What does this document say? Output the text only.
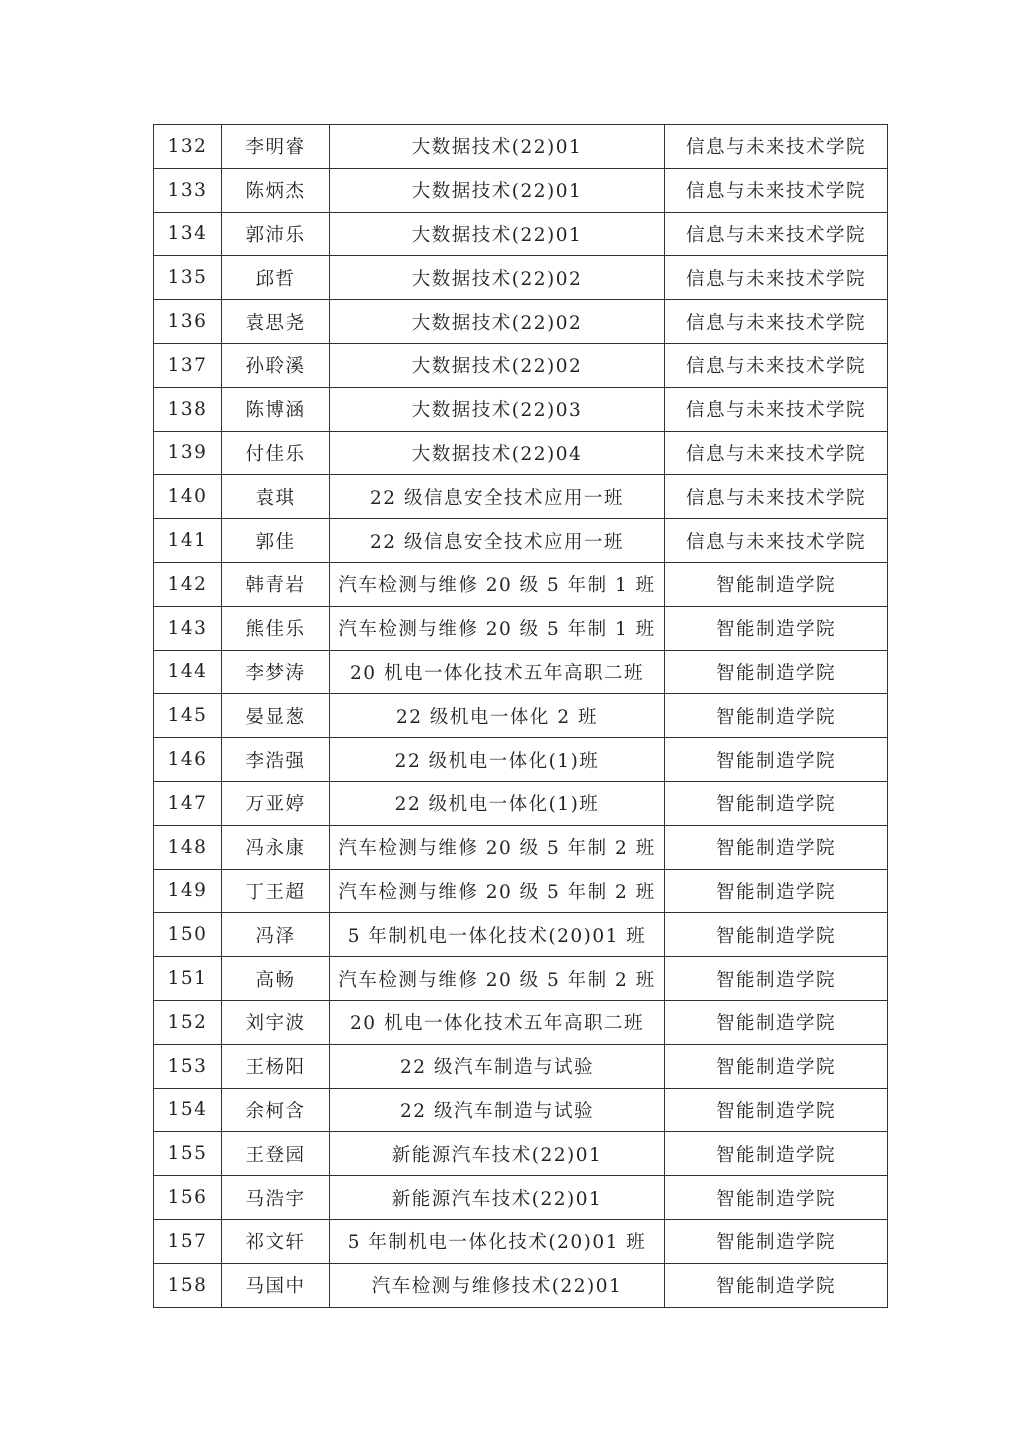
132	李明睿	大数据技术(22)01	信息与未来技术学院
133	陈炳杰	大数据技术(22)01	信息与未来技术学院
134	郭沛乐	大数据技术(22)01	信息与未来技术学院
135	邱哲	大数据技术(22)02	信息与未来技术学院
136	袁思尧	大数据技术(22)02	信息与未来技术学院
137	孙聆溪	大数据技术(22)02	信息与未来技术学院
138	陈博涵	大数据技术(22)03	信息与未来技术学院
139	付佳乐	大数据技术(22)04	信息与未来技术学院
140	袁琪	22 级信息安全技术应用一班	信息与未来技术学院
141	郭佳	22 级信息安全技术应用一班	信息与未来技术学院
142	韩青岩	汽车检测与维修 20 级 5 年制 1 班	智能制造学院
143	熊佳乐	汽车检测与维修 20 级 5 年制 1 班	智能制造学院
144	李梦涛	20 机电一体化技术五年高职二班	智能制造学院
145	晏显葱	22 级机电一体化 2 班	智能制造学院
146	李浩强	22 级机电一体化(1)班	智能制造学院
147	万亚婷	22 级机电一体化(1)班	智能制造学院
148	冯永康	汽车检测与维修 20 级 5 年制 2 班	智能制造学院
149	丁王超	汽车检测与维修 20 级 5 年制 2 班	智能制造学院
150	冯泽	5 年制机电一体化技术(20)01 班	智能制造学院
151	高畅	汽车检测与维修 20 级 5 年制 2 班	智能制造学院
152	刘宇波	20 机电一体化技术五年高职二班	智能制造学院
153	王杨阳	22 级汽车制造与试验	智能制造学院
154	余柯含	22 级汽车制造与试验	智能制造学院
155	王登园	新能源汽车技术(22)01	智能制造学院
156	马浩宇	新能源汽车技术(22)01	智能制造学院
157	祁文轩	5 年制机电一体化技术(20)01 班	智能制造学院
158	马国中	汽车检测与维修技术(22)01	智能制造学院
